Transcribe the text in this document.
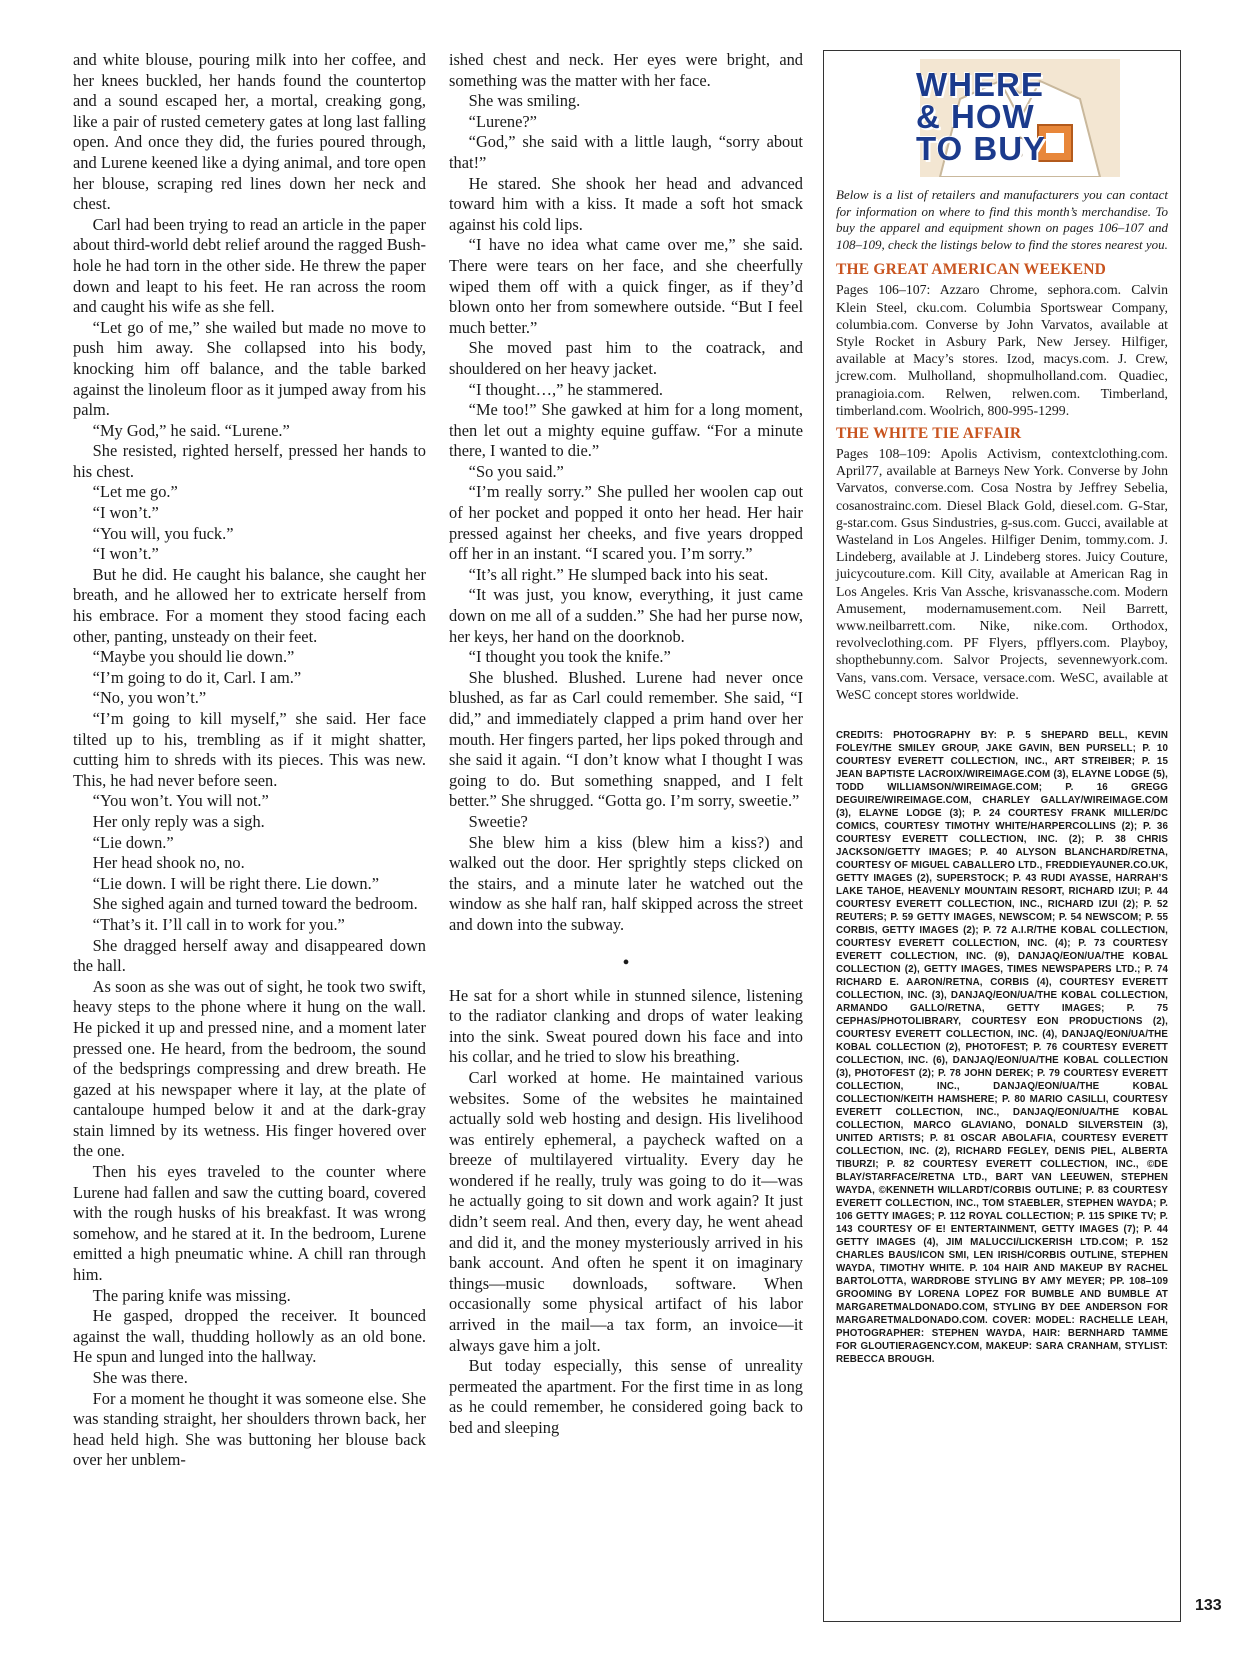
and white blouse, pouring milk into her coffee, and her knees buckled, her hands found the countertop and a sound escaped her, a mortal, creaking gong, like a pair of rusted cemetery gates at long last falling open. And once they did, the furies poured through, and Lurene keened like a dying animal, and tore open her blouse, scraping red lines down her neck and chest.

Carl had been trying to read an article in the paper about third-world debt relief around the ragged Bush-hole he had torn in the other side. He threw the paper down and leapt to his feet. He ran across the room and caught his wife as she fell.

“Let go of me,” she wailed but made no move to push him away. She collapsed into his body, knocking him off balance, and the table barked against the linoleum floor as it jumped away from his palm.

“My God,” he said. “Lurene.”

She resisted, righted herself, pressed her hands to his chest.

“Let me go.”

“I won’t.”

“You will, you fuck.”

“I won’t.”

But he did. He caught his balance, she caught her breath, and he allowed her to extricate herself from his embrace. For a moment they stood facing each other, panting, unsteady on their feet.

“Maybe you should lie down.”

“I’m going to do it, Carl. I am.”

“No, you won’t.”

“I’m going to kill myself,” she said. Her face tilted up to his, trembling as if it might shatter, cutting him to shreds with its pieces. This was new. This, he had never before seen.

“You won’t. You will not.”

Her only reply was a sigh.

“Lie down.”

Her head shook no, no.

“Lie down. I will be right there. Lie down.”

She sighed again and turned toward the bedroom.

“That’s it. I’ll call in to work for you.”

She dragged herself away and disappeared down the hall.

As soon as she was out of sight, he took two swift, heavy steps to the phone where it hung on the wall. He picked it up and pressed nine, and a moment later pressed one. He heard, from the bedroom, the sound of the bedsprings compressing and drew breath. He gazed at his newspaper where it lay, at the plate of cantaloupe humped below it and at the dark-gray stain limned by its wetness. His finger hovered over the one.

Then his eyes traveled to the counter where Lurene had fallen and saw the cutting board, covered with the rough husks of his breakfast. It was wrong somehow, and he stared at it. In the bedroom, Lurene emitted a high pneumatic whine. A chill ran through him.

The paring knife was missing.

He gasped, dropped the receiver. It bounced against the wall, thudding hollowly as an old bone. He spun and lunged into the hallway.

She was there.

For a moment he thought it was someone else. She was standing straight, her shoulders thrown back, her head held high. She was buttoning her blouse back over her unblem-

ished chest and neck. Her eyes were bright, and something was the matter with her face.

She was smiling.

“Lurene?”

“God,” she said with a little laugh, “sorry about that!”

He stared. She shook her head and advanced toward him with a kiss. It made a soft hot smack against his cold lips.

“I have no idea what came over me,” she said. There were tears on her face, and she cheerfully wiped them off with a quick finger, as if they’d blown onto her from somewhere outside. “But I feel much better.”

She moved past him to the coatrack, and shouldered on her heavy jacket.

“I thought…,” he stammered.

“Me too!” She gawked at him for a long moment, then let out a mighty equine guffaw. “For a minute there, I wanted to die.”

“So you said.”

“I’m really sorry.” She pulled her woolen cap out of her pocket and popped it onto her head. Her hair pressed against her cheeks, and five years dropped off her in an instant. “I scared you. I’m sorry.”

“It’s all right.” He slumped back into his seat.

“It was just, you know, everything, it just came down on me all of a sudden.” She had her purse now, her keys, her hand on the doorknob.

“I thought you took the knife.”

She blushed. Blushed. Lurene had never once blushed, as far as Carl could remember. She said, “I did,” and immediately clapped a prim hand over her mouth. Her fingers parted, her lips poked through and she said it again. “I don’t know what I thought I was going to do. But something snapped, and I felt better.” She shrugged. “Gotta go. I’m sorry, sweetie.”

Sweetie?

She blew him a kiss (blew him a kiss?) and walked out the door. Her sprightly steps clicked on the stairs, and a minute later he watched out the window as she half ran, half skipped across the street and down into the subway.

•

He sat for a short while in stunned silence, listening to the radiator clanking and drops of water leaking into the sink. Sweat poured down his face and into his collar, and he tried to slow his breathing.

Carl worked at home. He maintained various websites. Some of the websites he maintained actually sold web hosting and design. His livelihood was entirely ephemeral, a paycheck wafted on a breeze of multilayered virtuality. Every day he wondered if he really, truly was going to do it—was he actually going to sit down and work again? It just didn’t seem real. And then, every day, he went ahead and did it, and the money mysteriously arrived in his bank account. And often he spent it on imaginary things—music downloads, software. When occasionally some physical artifact of his labor arrived in the mail—a tax form, an invoice—it always gave him a jolt.

But today especially, this sense of unreality permeated the apartment. For the first time in as long as he could remember, he considered going back to bed and sleeping

WHERE
& HOW
TO BUY

Below is a list of retailers and manufacturers you can contact for information on where to find this month’s merchandise. To buy the apparel and equipment shown on pages 106–107 and 108–109, check the listings below to find the stores nearest you.

THE GREAT AMERICAN WEEKEND

Pages 106–107: Azzaro Chrome, sephora.com. Calvin Klein Steel, cku.com. Columbia Sportswear Company, columbia.com. Converse by John Varvatos, available at Style Rocket in Asbury Park, New Jersey. Hilfiger, available at Macy’s stores. Izod, macys.com. J. Crew, jcrew.com. Mulholland, shopmulholland.com. Quadiec, pranagioia.com. Relwen, relwen.com. Timberland, timberland.com. Woolrich, 800-995-1299.

THE WHITE TIE AFFAIR

Pages 108–109: Apolis Activism, contextclothing.com. April77, available at Barneys New York. Converse by John Varvatos, converse.com. Cosa Nostra by Jeffrey Sebelia, cosanostrainc.com. Diesel Black Gold, diesel.com. G-Star, g-star.com. Gsus Sindustries, g-sus.com. Gucci, available at Wasteland in Los Angeles. Hilfiger Denim, tommy.com. J. Lindeberg, available at J. Lindeberg stores. Juicy Couture, juicycouture.com. Kill City, available at American Rag in Los Angeles. Kris Van Assche, krisvanassche.com. Modern Amusement, modernamusement.com. Neil Barrett, www.neilbarrett.com. Nike, nike.com. Orthodox, revolveclothing.com. PF Flyers, pfflyers.com. Playboy, shopthebunny.com. Salvor Projects, sevennewyork.com. Vans, vans.com. Versace, versace.com. WeSC, available at WeSC concept stores worldwide.

CREDITS: PHOTOGRAPHY BY: P. 5 SHEPARD BELL, KEVIN FOLEY/THE SMILEY GROUP, JAKE GAVIN, BEN PURSELL; P. 10 COURTESY EVERETT COLLECTION, INC., ART STREIBER; P. 15 JEAN BAPTISTE LACROIX/WIREIMAGE.COM (3), ELAYNE LODGE (5), TODD WILLIAMSON/WIREIMAGE.COM; P. 16 GREGG DEGUIRE/WIREIMAGE.COM, CHARLEY GALLAY/WIREIMAGE.COM (3), ELAYNE LODGE (3); P. 24 COURTESY FRANK MILLER/DC COMICS, COURTESY TIMOTHY WHITE/HARPERCOLLINS (2); P. 36 COURTESY EVERETT COLLECTION, INC. (2); P. 38 CHRIS JACKSON/GETTY IMAGES; P. 40 ALYSON BLANCHARD/RETNA, COURTESY OF MIGUEL CABALLERO LTD., FREDDIEYAUNER.CO.UK, GETTY IMAGES (2), SUPERSTOCK; P. 43 RUDI AYASSE, HARRAH’S LAKE TAHOE, HEAVENLY MOUNTAIN RESORT, RICHARD IZUI; P. 44 COURTESY EVERETT COLLECTION, INC., RICHARD IZUI (2); P. 52 REUTERS; P. 59 GETTY IMAGES, NEWSCOM; P. 54 NEWSCOM; P. 55 CORBIS, GETTY IMAGES (2); P. 72 A.I.R/THE KOBAL COLLECTION, COURTESY EVERETT COLLECTION, INC. (4); P. 73 COURTESY EVERETT COLLECTION, INC. (9), DANJAQ/EON/UA/THE KOBAL COLLECTION (2), GETTY IMAGES, TIMES NEWSPAPERS LTD.; P. 74 RICHARD E. AARON/RETNA, CORBIS (4), COURTESY EVERETT COLLECTION, INC. (3), DANJAQ/EON/UA/THE KOBAL COLLECTION, ARMANDO GALLO/RETNA, GETTY IMAGES; P. 75 CEPHAS/PHOTOLIBRARY, COURTESY EON PRODUCTIONS (2), COURTESY EVERETT COLLECTION, INC. (4), DANJAQ/EON/UA/THE KOBAL COLLECTION (2), PHOTOFEST; P. 76 COURTESY EVERETT COLLECTION, INC. (6), DANJAQ/EON/UA/THE KOBAL COLLECTION (3), PHOTOFEST (2); P. 78 JOHN DEREK; P. 79 COURTESY EVERETT COLLECTION, INC., DANJAQ/EON/UA/THE KOBAL COLLECTION/KEITH HAMSHERE; P. 80 MARIO CASILLI, COURTESY EVERETT COLLECTION, INC., DANJAQ/EON/UA/THE KOBAL COLLECTION, MARCO GLAVIANO, DONALD SILVERSTEIN (3), UNITED ARTISTS; P. 81 OSCAR ABOLAFIA, COURTESY EVERETT COLLECTION, INC. (2), RICHARD FEGLEY, DENIS PIEL, ALBERTA TIBURZI; P. 82 COURTESY EVERETT COLLECTION, INC., ©DE BLAY/STARFACE/RETNA LTD., BART VAN LEEUWEN, STEPHEN WAYDA, ©KENNETH WILLARDT/CORBIS OUTLINE; P. 83 COURTESY EVERETT COLLECTION, INC., TOM STAEBLER, STEPHEN WAYDA; P. 106 GETTY IMAGES; P. 112 ROYAL COLLECTION; P. 115 SPIKE TV; P. 143 COURTESY OF E! ENTERTAINMENT, GETTY IMAGES (7); P. 44 GETTY IMAGES (4), JIM MALUCCI/LICKERISH LTD.COM; P. 152 CHARLES BAUS/ICON SMI, LEN IRISH/CORBIS OUTLINE, STEPHEN WAYDA, TIMOTHY WHITE. P. 104 HAIR AND MAKEUP BY RACHEL BARTOLOTTA, WARDROBE STYLING BY AMY MEYER; PP. 108–109 GROOMING BY LORENA LOPEZ FOR BUMBLE AND BUMBLE AT MARGARETMALDONADO.COM, STYLING BY DEE ANDERSON FOR MARGARETMALDONADO.COM. COVER: MODEL: RACHELLE LEAH, PHOTOGRAPHER: STEPHEN WAYDA, HAIR: BERNHARD TAMME FOR GLOUTIERAGENCY.COM, MAKEUP: SARA CRANHAM, STYLIST: REBECCA BROUGH.

133
